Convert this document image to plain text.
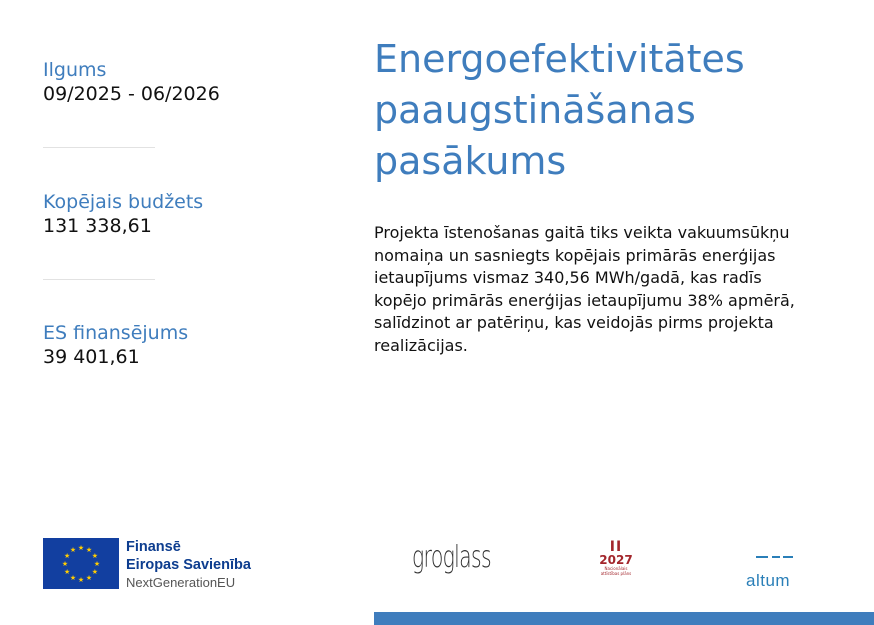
Ilgums
09/2025 - 06/2026
Kopējais budžets
131 338,61
ES finansējums
39 401,61
Energoefektivitātes
paaugstināšanas
pasākums

Projekta īstenošanas gaitā tiks veikta vakuumsūkņu
nomaiņa un sasniegts kopējais primārās enerģijas
ietaupījums vismaz 340,56 MWh/gadā, kas radīs
kopējo primārās enerģijas ietaupījumu 38% apmērā,
salīdzinot ar patēriņu, kas veidojās pirms projekta
realizācijas.

★ ★
★
★
★
★
★
★
★
★
★
★	Finansē
Eiropas Savienība
NextGenerationEU
groglass	II
2027
Nacionālais attīstības plāns	altum
